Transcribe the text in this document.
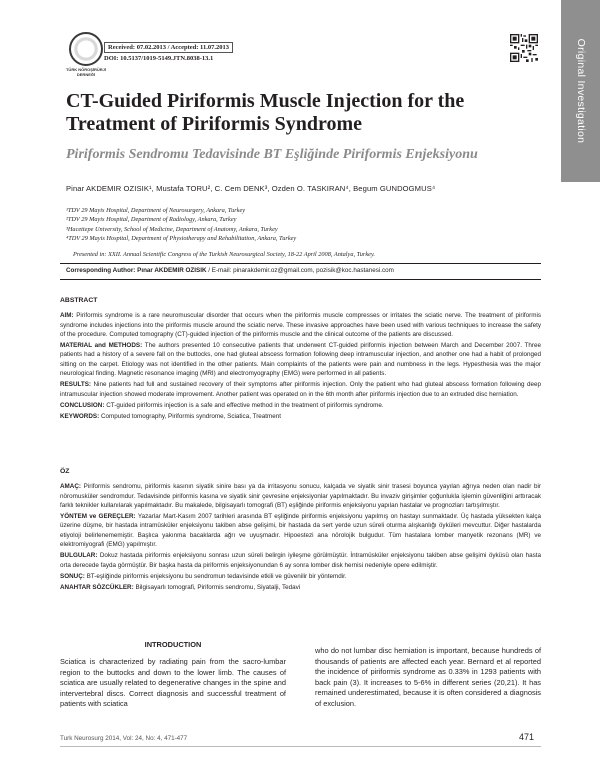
TÜRK NÖROŞİRÜRJİ DERNEĞİ
Received: 07.02.2013 / Accepted: 11.07.2013
DOI: 10.5137/1019-5149.JTN.8038-13.1	Original Investigation
CT-Guided Piriformis Muscle Injection for the Treatment of Piriformis Syndrome
Piriformis Sendromu Tedavisinde BT Eşliğinde Piriformis Enjeksiyonu
Pinar AKDEMIR OZISIK¹, Mustafa TORU², C. Cem DENK³, Ozden O. TASKIRAN⁴, Begum GUNDOGMUS⁴
¹TDV 29 Mayis Hospital, Department of Neurosurgery, Ankara, Turkey
²TDV 29 Mayis Hospital, Department of Radiology, Ankara, Turkey
³Hacettepe University, School of Medicine, Department of Anatomy, Ankara, Turkey
⁴TDV 29 Mayis Hospital, Department of Physiotherapy and Rehabilitation, Ankara, Turkey
Presented in: XXII. Annual Scientific Congress of the Turkish Neurosurgical Society, 18-22 April 2008, Antalya, Turkey.
Corresponding Author: Pınar AKDEMIR OZISIK / E-mail: pinarakdemir.oz@gmail.com, pozisik@koc.hastanesi.com

ABSTRACT

AIM: Piriformis syndrome is a rare neuromuscular disorder that occurs when the piriformis muscle compresses or irritates the sciatic nerve. The treatment of piriformis syndrome includes injections into the piriformis muscle around the sciatic nerve. These invasive approaches have been used with various techniques to increase the safety of the procedure. Computed tomography (CT)-guided injection of the piriformis muscle and the clinical outcome of the patients are discussed.

MATERIAL and METHODS: The authors presented 10 consecutive patients that underwent CT-guided piriformis injection between March and December 2007. Three patients had a history of a severe fall on the buttocks, one had gluteal abscess formation following deep intramuscular injection, and another one had a habit of prolonged sitting on the carpet. Etiology was not identified in the other patients. Main complaints of the patients were pain and numbness in the legs. Hypesthesia was the major neurological finding. Magnetic resonance imaging (MRI) and electromyography (EMG) were performed in all patients.

RESULTS: Nine patients had full and sustained recovery of their symptoms after piriformis injection. Only the patient who had gluteal abscess formation following deep intramuscular injection showed moderate improvement. Another patient was operated on in the 6th month after piriformis injection due to an extruded disc herniation.

CONCLUSION: CT-guided piriformis injection is a safe and effective method in the treatment of piriformis syndrome.

KEYWORDS: Computed tomography, Piriformis syndrome, Sciatica, Treatment

ÖZ

AMAÇ: Piriformis sendromu, piriformis kasının siyatik sinire bası ya da irritasyonu sonucu, kalçada ve siyatik sinir trasesi boyunca yayılan ağrıya neden olan nadir bir nöromusküler sendromdur. Tedavisinde piriformis kasına ve siyatik sinir çevresine enjeksiyonlar yapılmaktadır. Bu invaziv girişimler çoğunlukla işlemin güvenliğini arttıracak farklı teknikler kullanılarak yapılmaktadır. Bu makalede, bilgisayarlı tomografi (BT) eşliğinde piriformis enjeksiyonu yapılan hastalar ve prognozları tartışılmıştır.

YÖNTEM ve GEREÇLER: Yazarlar Mart-Kasım 2007 tarihleri arasında BT eşliğinde piriformis enjeksiyonu yapılmış on hastayı sunmaktadır. Üç hastada yüksekten kalça üzerine düşme, bir hastada intramüsküler enjeksiyonu takiben abse gelişimi, bir hastada da sert yerde uzun süreli oturma alışkanlığı öyküleri mevcuttur. Diğer hastalarda etiyoloji belirlenememiştir. Başlıca yakınma bacaklarda ağrı ve uyuşmadır. Hipoestezi ana nörolojik bulgudur. Tüm hastalara lomber manyetik rezonans (MR) ve elektromiyografi (EMG) yapılmıştır.

BULGULAR: Dokuz hastada piriformis enjeksiyonu sonrası uzun süreli belirgin iyileşme görülmüştür. İntramüsküler enjeksiyonu takiben abse gelişimi öyküsü olan hasta orta derecede fayda görmüştür. Bir başka hasta da piriformis enjeksiyonundan 6 ay sonra lomber disk hernisi nedeniyle opere edilmiştir.

SONUÇ: BT-eşliğinde piriformis enjeksiyonu bu sendromun tedavisinde etkili ve güvenilir bir yöntemdir.

ANAHTAR SÖZCÜKLER: Bilgisayarlı tomografi, Piriformis sendromu, Siyatalji, Tedavi

INTRODUCTION
Sciatica is characterized by radiating pain from the sacro-lumbar region to the buttocks and down to the lower limb. The causes of sciatica are usually related to degenerative changes in the spine and intervertebral discs. Correct diagnosis and successful treatment of patients with sciatica
who do not lumbar disc herniation is important, because hundreds of thousands of patients are affected each year. Bernard et al reported the incidence of piriformis syndrome as 0.33% in 1293 patients with back pain (3). It increases to 5-6% in different series (20,21). It has remained underestimated, because it is often considered a diagnosis of exclusion.
Turk Neurosurg 2014, Vol: 24, No: 4, 471-477	471
